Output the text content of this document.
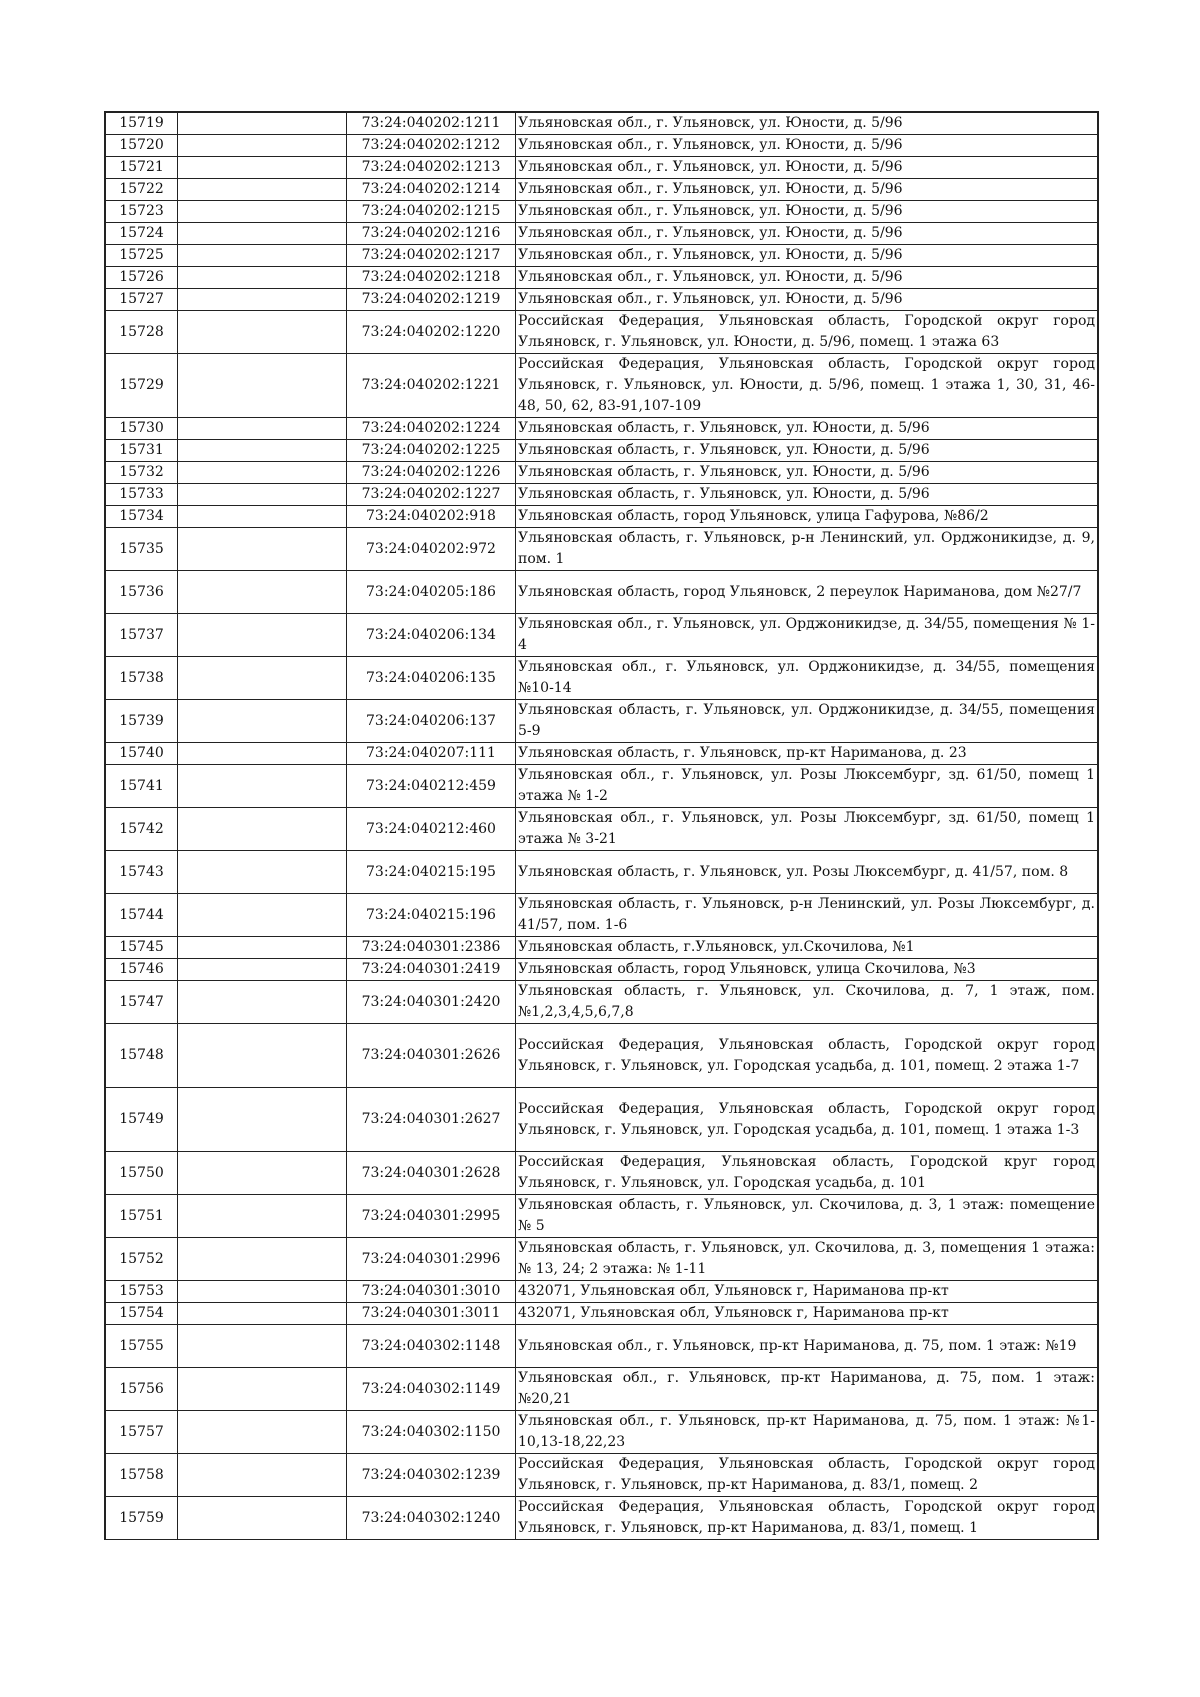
15719		73:24:040202:1211	Ульяновская обл., г. Ульяновск, ул. Юности, д. 5/96
15720		73:24:040202:1212	Ульяновская обл., г. Ульяновск, ул. Юности, д. 5/96
15721		73:24:040202:1213	Ульяновская обл., г. Ульяновск, ул. Юности, д. 5/96
15722		73:24:040202:1214	Ульяновская обл., г. Ульяновск, ул. Юности, д. 5/96
15723		73:24:040202:1215	Ульяновская обл., г. Ульяновск, ул. Юности, д. 5/96
15724		73:24:040202:1216	Ульяновская обл., г. Ульяновск, ул. Юности, д. 5/96
15725		73:24:040202:1217	Ульяновская обл., г. Ульяновск, ул. Юности, д. 5/96
15726		73:24:040202:1218	Ульяновская обл., г. Ульяновск, ул. Юности, д. 5/96
15727		73:24:040202:1219	Ульяновская обл., г. Ульяновск, ул. Юности, д. 5/96
15728		73:24:040202:1220	Российская Федерация, Ульяновская область, Городской округ город Ульяновск, г. Ульяновск, ул. Юности, д. 5/96, помещ. 1 этажа 63
15729		73:24:040202:1221	Российская Федерация, Ульяновская область, Городской округ город Ульяновск, г. Ульяновск, ул. Юности, д. 5/96, помещ. 1 этажа 1, 30, 31, 46-48, 50, 62, 83-91,107-109
15730		73:24:040202:1224	Ульяновская область, г. Ульяновск, ул. Юности, д. 5/96
15731		73:24:040202:1225	Ульяновская область, г. Ульяновск, ул. Юности, д. 5/96
15732		73:24:040202:1226	Ульяновская область, г. Ульяновск, ул. Юности, д. 5/96
15733		73:24:040202:1227	Ульяновская область, г. Ульяновск, ул. Юности, д. 5/96
15734		73:24:040202:918	Ульяновская область, город Ульяновск, улица Гафурова, №86/2
15735		73:24:040202:972	Ульяновская область, г. Ульяновск, р-н Ленинский, ул. Орджоникидзе, д. 9, пом. 1
15736		73:24:040205:186	Ульяновская область, город Ульяновск, 2 переулок Нариманова, дом №27/7
15737		73:24:040206:134	Ульяновская обл., г. Ульяновск, ул. Орджоникидзе, д. 34/55, помещения № 1-4
15738		73:24:040206:135	Ульяновская обл., г. Ульяновск, ул. Орджоникидзе, д. 34/55, помещения №10-14
15739		73:24:040206:137	Ульяновская область, г. Ульяновск, ул. Орджоникидзе, д. 34/55, помещения 5-9
15740		73:24:040207:111	Ульяновская область, г. Ульяновск, пр-кт Нариманова, д. 23
15741		73:24:040212:459	Ульяновская обл., г. Ульяновск, ул. Розы Люксембург, зд. 61/50, помещ 1 этажа № 1-2
15742		73:24:040212:460	Ульяновская обл., г. Ульяновск, ул. Розы Люксембург, зд. 61/50, помещ 1 этажа № 3-21
15743		73:24:040215:195	Ульяновская область, г. Ульяновск, ул. Розы Люксембург, д. 41/57, пом. 8
15744		73:24:040215:196	Ульяновская область, г. Ульяновск, р-н Ленинский, ул. Розы Люксембург, д. 41/57, пом. 1-6
15745		73:24:040301:2386	Ульяновская область, г.Ульяновск, ул.Скочилова, №1
15746		73:24:040301:2419	Ульяновская область, город Ульяновск, улица Скочилова, №3
15747		73:24:040301:2420	Ульяновская область, г. Ульяновск, ул. Скочилова, д. 7, 1 этаж, пом. №1,2,3,4,5,6,7,8
15748		73:24:040301:2626	Российская Федерация, Ульяновская область, Городской округ город Ульяновск, г. Ульяновск, ул. Городская усадьба, д. 101, помещ. 2 этажа 1-7
15749		73:24:040301:2627	Российская Федерация, Ульяновская область, Городской округ город Ульяновск, г. Ульяновск, ул. Городская усадьба, д. 101, помещ. 1 этажа 1-3
15750		73:24:040301:2628	Российская Федерация, Ульяновская область, Городской круг город Ульяновск, г. Ульяновск, ул. Городская усадьба, д. 101
15751		73:24:040301:2995	Ульяновская область, г. Ульяновск, ул. Скочилова, д. 3, 1 этаж: помещение № 5
15752		73:24:040301:2996	Ульяновская область, г. Ульяновск, ул. Скочилова, д. 3, помещения 1 этажа: № 13, 24; 2 этажа: № 1-11
15753		73:24:040301:3010	432071, Ульяновская обл, Ульяновск г, Нариманова пр-кт
15754		73:24:040301:3011	432071, Ульяновская обл, Ульяновск г, Нариманова пр-кт
15755		73:24:040302:1148	Ульяновская обл., г. Ульяновск, пр-кт Нариманова, д. 75, пом. 1 этаж: №19
15756		73:24:040302:1149	Ульяновская обл., г. Ульяновск, пр-кт Нариманова, д. 75, пом. 1 этаж: №20,21
15757		73:24:040302:1150	Ульяновская обл., г. Ульяновск, пр-кт Нариманова, д. 75, пом. 1 этаж: №1-10,13-18,22,23
15758		73:24:040302:1239	Российская Федерация, Ульяновская область, Городской округ город Ульяновск, г. Ульяновск, пр-кт Нариманова, д. 83/1, помещ. 2
15759		73:24:040302:1240	Российская Федерация, Ульяновская область, Городской округ город Ульяновск, г. Ульяновск, пр-кт Нариманова, д. 83/1, помещ. 1
